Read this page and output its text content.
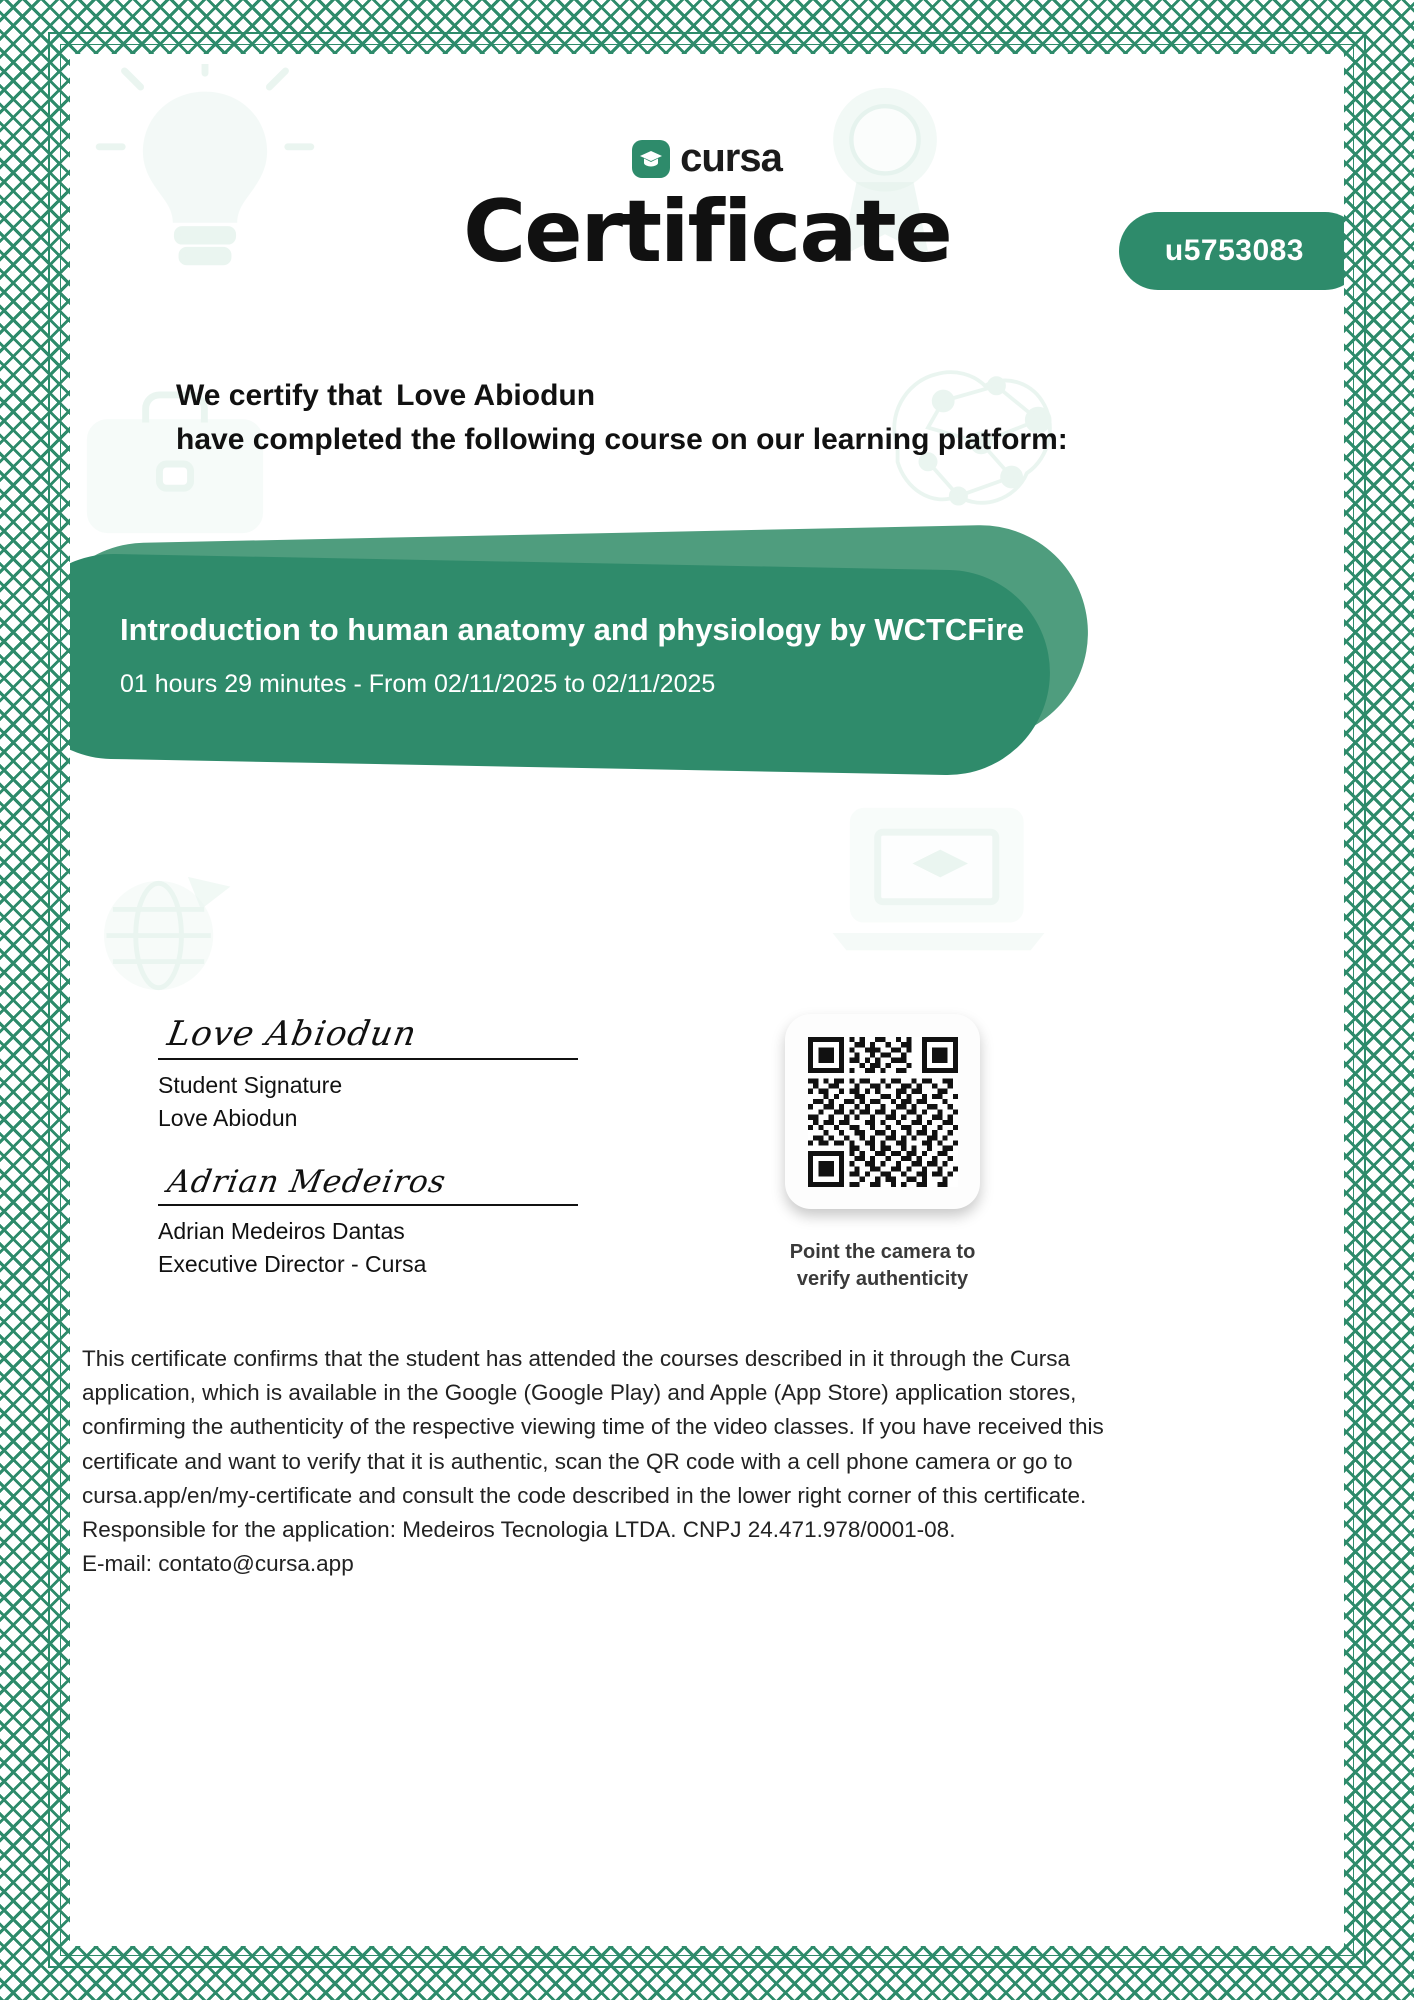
cursa
Certificate	u5753083
We certify that Love Abiodun
have completed the following course on our learning platform:
Introduction to human anatomy and physiology by WCTCFire
01 hours 29 minutes - From 02/11/2025 to 02/11/2025
Love Abiodun
Student Signature
Love Abiodun
Adrian Medeiros
Adrian Medeiros Dantas
Executive Director - Cursa	Point the camera to
verify authenticity

This certificate confirms that the student has attended the courses described in it through the Cursa

application, which is available in the Google (Google Play) and Apple (App Store) application stores,

confirming the authenticity of the respective viewing time of the video classes. If you have received this

certificate and want to verify that it is authentic, scan the QR code with a cell phone camera or go to

cursa.app/en/my-certificate and consult the code described in the lower right corner of this certificate.

Responsible for the application: Medeiros Tecnologia LTDA. CNPJ 24.471.978/0001-08.

E-mail: contato@cursa.app
